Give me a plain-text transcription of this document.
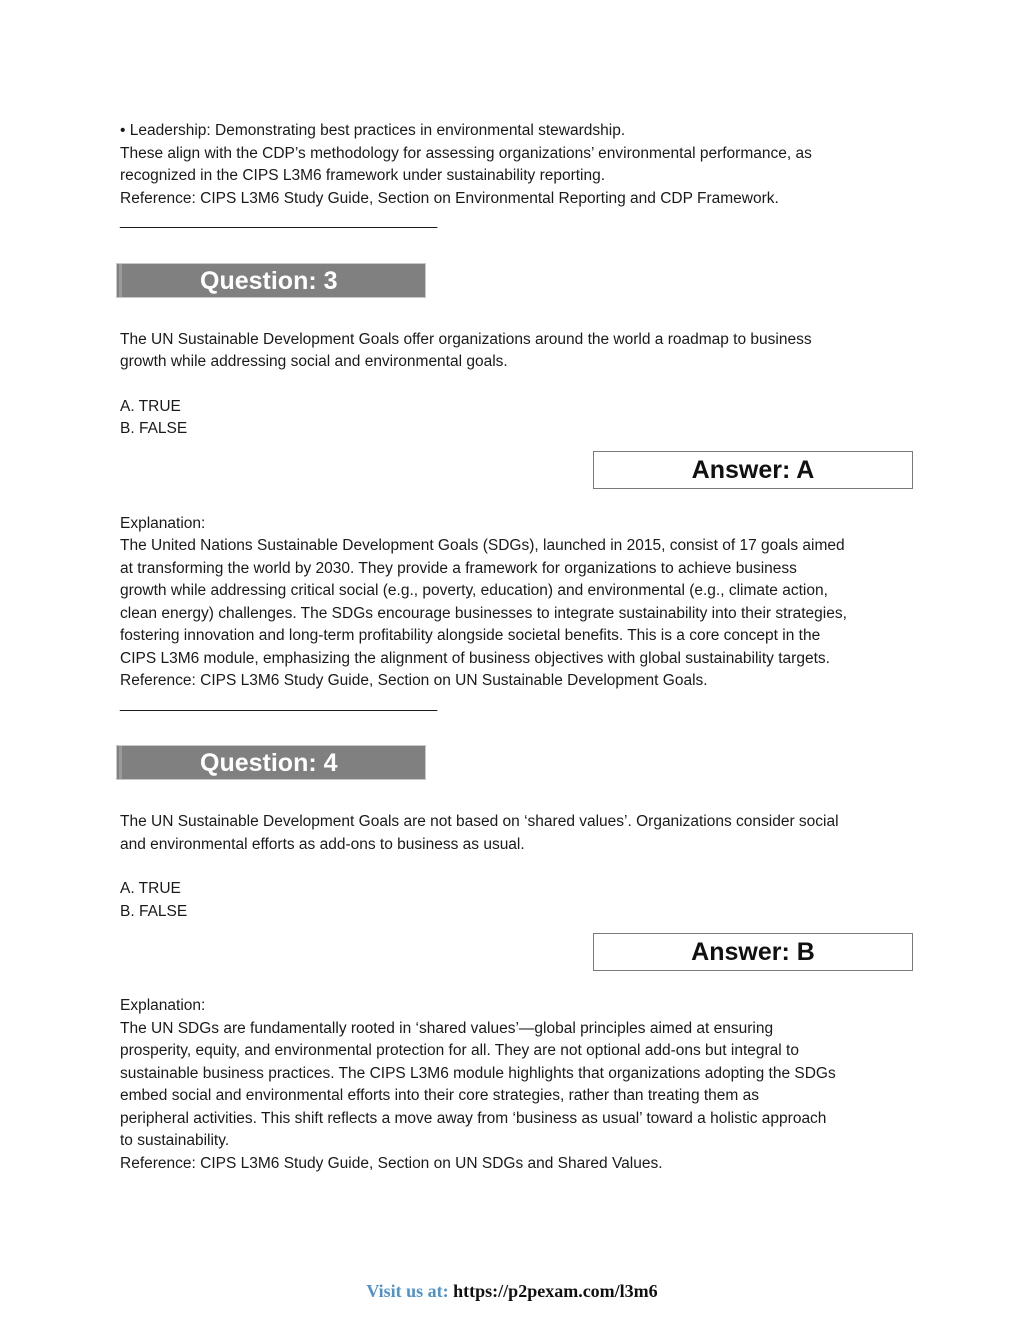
• Leadership: Demonstrating best practices in environmental stewardship.

These align with the CDP’s methodology for assessing organizations’ environmental performance, as

recognized in the CIPS L3M6 framework under sustainability reporting.

Reference: CIPS L3M6 Study Guide, Section on Environmental Reporting and CDP Framework.

_______________________________________

Question: 3

The UN Sustainable Development Goals offer organizations around the world a roadmap to business

growth while addressing social and environmental goals.

A. TRUE

B. FALSE

Answer: A

Explanation:

The United Nations Sustainable Development Goals (SDGs), launched in 2015, consist of 17 goals aimed

at transforming the world by 2030. They provide a framework for organizations to achieve business

growth while addressing critical social (e.g., poverty, education) and environmental (e.g., climate action,

clean energy) challenges. The SDGs encourage businesses to integrate sustainability into their strategies,

fostering innovation and long-term profitability alongside societal benefits. This is a core concept in the

CIPS L3M6 module, emphasizing the alignment of business objectives with global sustainability targets.

Reference: CIPS L3M6 Study Guide, Section on UN Sustainable Development Goals.

_______________________________________

Question: 4

The UN Sustainable Development Goals are not based on ‘shared values’. Organizations consider social

and environmental efforts as add-ons to business as usual.

A. TRUE

B. FALSE

Answer: B

Explanation:

The UN SDGs are fundamentally rooted in ‘shared values’—global principles aimed at ensuring

prosperity, equity, and environmental protection for all. They are not optional add-ons but integral to

sustainable business practices. The CIPS L3M6 module highlights that organizations adopting the SDGs

embed social and environmental efforts into their core strategies, rather than treating them as

peripheral activities. This shift reflects a move away from ‘business as usual’ toward a holistic approach

to sustainability.

Reference: CIPS L3M6 Study Guide, Section on UN SDGs and Shared Values.

Visit us at: https://p2pexam.com/l3m6
